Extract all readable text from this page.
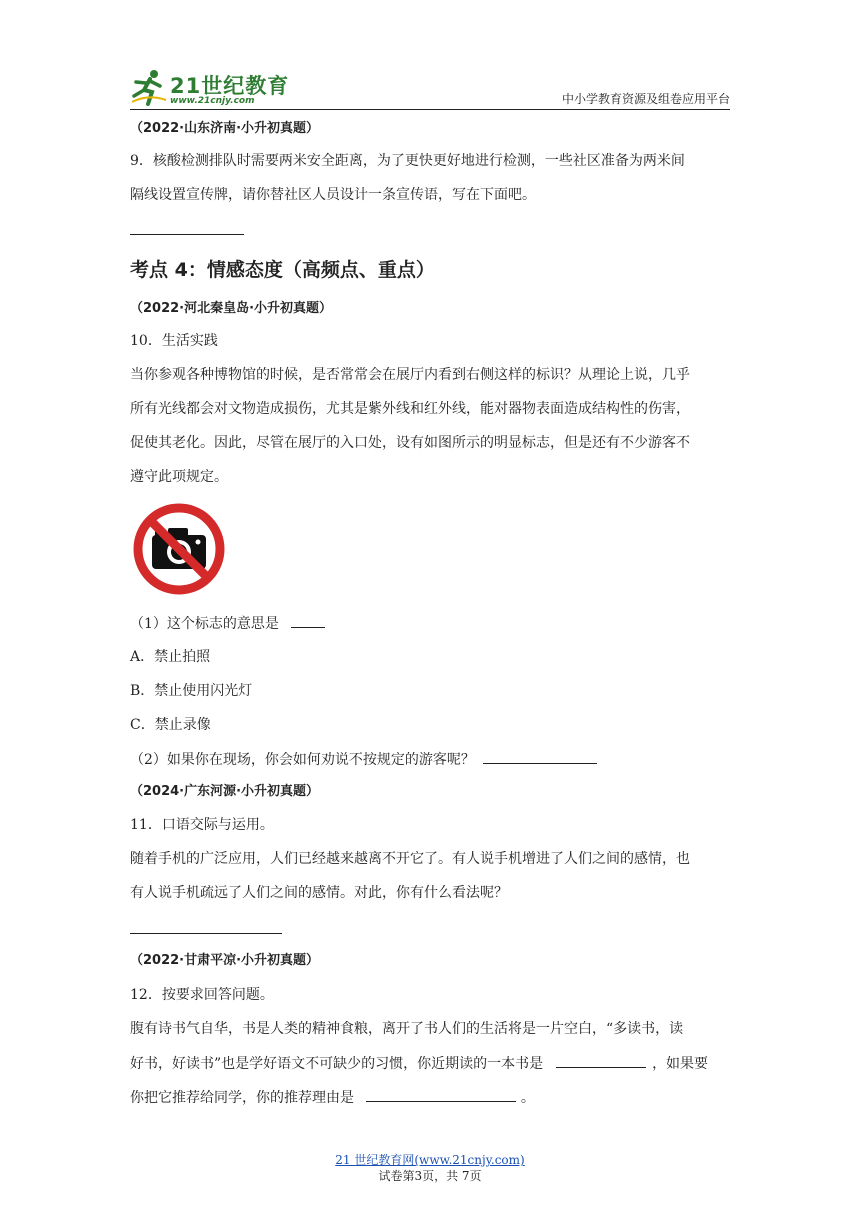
21世纪教育
www.21cnjy.com	中小学教育资源及组卷应用平台
（2022·山东济南·小升初真题）
9．核酸检测排队时需要两米安全距离，为了更快更好地进行检测，一些社区准备为两米间
隔线设置宣传牌，请你替社区人员设计一条宣传语，写在下面吧。
考点 4：情感态度（高频点、重点）
（2022·河北秦皇岛·小升初真题）
10．生活实践
当你参观各种博物馆的时候，是否常常会在展厅内看到右侧这样的标识？从理论上说，几乎
所有光线都会对文物造成损伤，尤其是紫外线和红外线，能对器物表面造成结构性的伤害，
促使其老化。因此，尽管在展厅的入口处，设有如图所示的明显标志，但是还有不少游客不
遵守此项规定。
（1）这个标志的意思是
A．禁止拍照
B．禁止使用闪光灯
C．禁止录像
（2）如果你在现场，你会如何劝说不按规定的游客呢？
（2024·广东河源·小升初真题）
11．口语交际与运用。
随着手机的广泛应用，人们已经越来越离不开它了。有人说手机增进了人们之间的感情，也
有人说手机疏远了人们之间的感情。对此，你有什么看法呢？
（2022·甘肃平凉·小升初真题）
12．按要求回答问题。
腹有诗书气自华，书是人类的精神食粮，离开了书人们的生活将是一片空白，“多读书，读
好书，好读书”也是学好语文不可缺少的习惯，你近期读的一本书是	，如果要
你把它推荐给同学，你的推荐理由是	。
21 世纪教育网(www.21cnjy.com)
试卷第3页，共 7页
